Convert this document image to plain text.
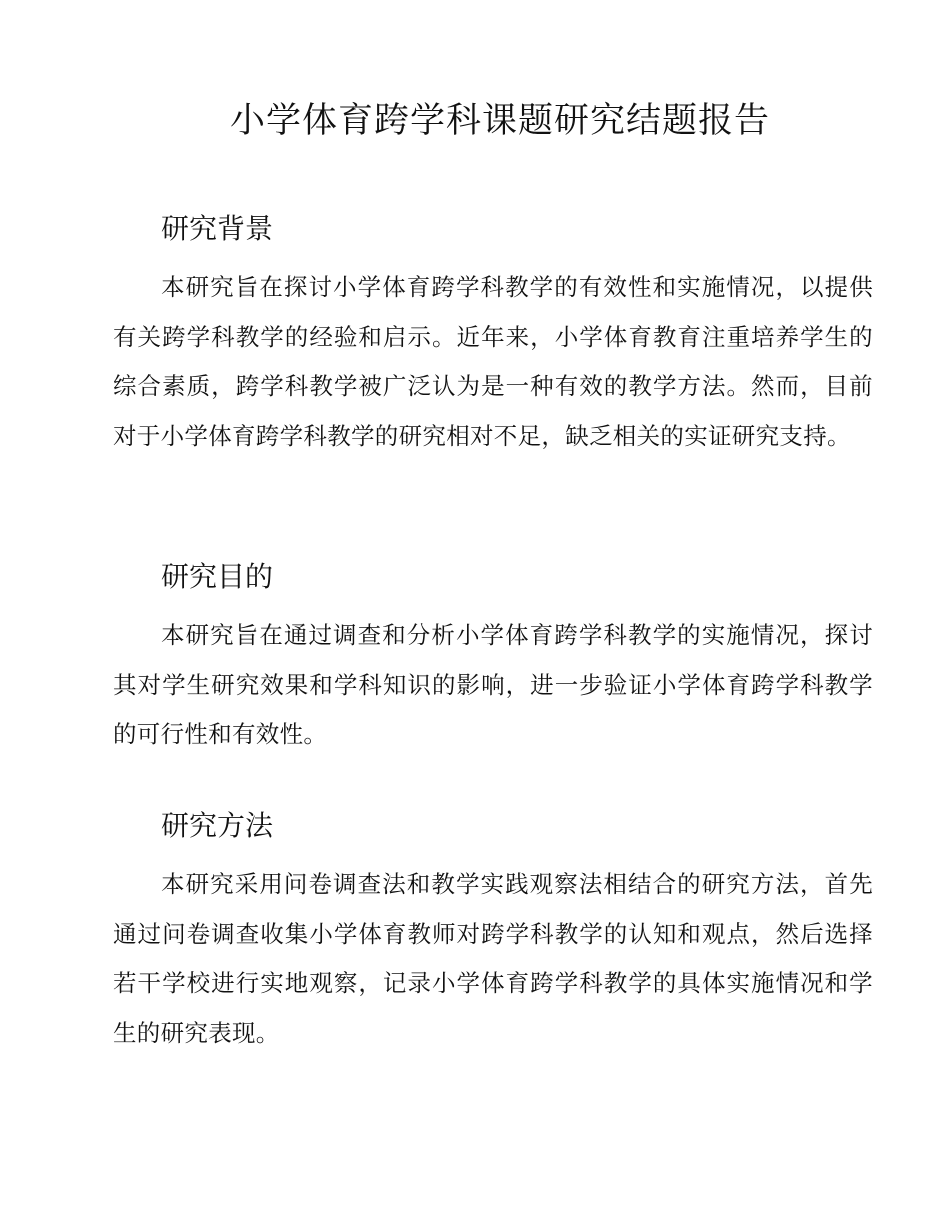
小学体育跨学科课题研究结题报告
研究背景

本研究旨在探讨小学体育跨学科教学的有效性和实施情况，以提供有关跨学科教学的经验和启示。近年来，小学体育教育注重培养学生的综合素质，跨学科教学被广泛认为是一种有效的教学方法。然而，目前对于小学体育跨学科教学的研究相对不足，缺乏相关的实证研究支持。

研究目的

本研究旨在通过调查和分析小学体育跨学科教学的实施情况，探讨其对学生研究效果和学科知识的影响，进一步验证小学体育跨学科教学的可行性和有效性。

研究方法

本研究采用问卷调查法和教学实践观察法相结合的研究方法，首先通过问卷调查收集小学体育教师对跨学科教学的认知和观点，然后选择若干学校进行实地观察，记录小学体育跨学科教学的具体实施情况和学生的研究表现。
